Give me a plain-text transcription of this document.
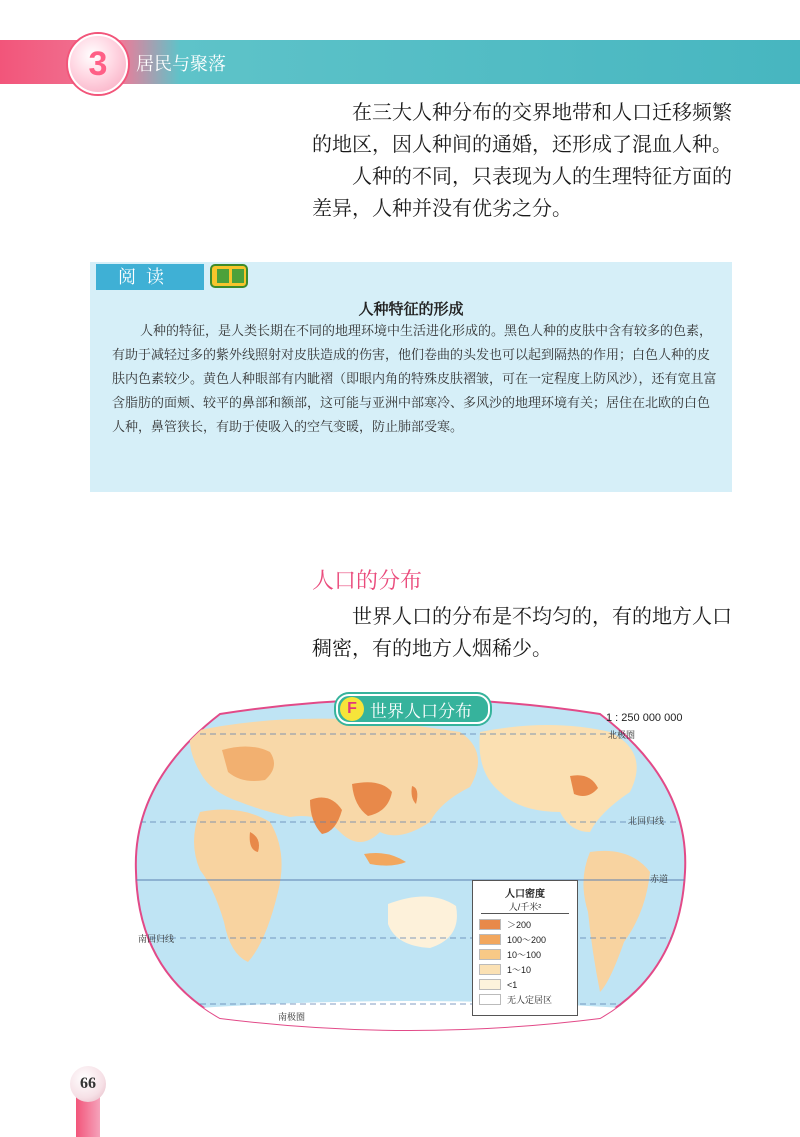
3 居民与聚落

在三大人种分布的交界地带和人口迁移频繁的地区，因人种间的通婚，还形成了混血人种。

人种的不同，只表现为人的生理特征方面的差异，人种并没有优劣之分。

阅读
人种特征的形成

人种的特征，是人类长期在不同的地理环境中生活进化形成的。黑色人种的皮肤中含有较多的色素，有助于减轻过多的紫外线照射对皮肤造成的伤害，他们卷曲的头发也可以起到隔热的作用；白色人种的皮肤内色素较少。黄色人种眼部有内眦褶（即眼内角的特殊皮肤褶皱，可在一定程度上防风沙），还有宽且富含脂肪的面颊、较平的鼻部和额部，这可能与亚洲中部寒冷、多风沙的地理环境有关；居住在北欧的白色人种，鼻管狭长，有助于使吸入的空气变暖，防止肺部受寒。

人口的分布

世界人口的分布是不均匀的，有的地方人口稠密，有的地方人烟稀少。

北极圈
北回归线
赤道
南回归线
南极圈
F 世界人口分布	1 : 250 000 000
人口密度
人/千米²
＞200
100～200
10～100
1～10
<1
无人定居区
66
